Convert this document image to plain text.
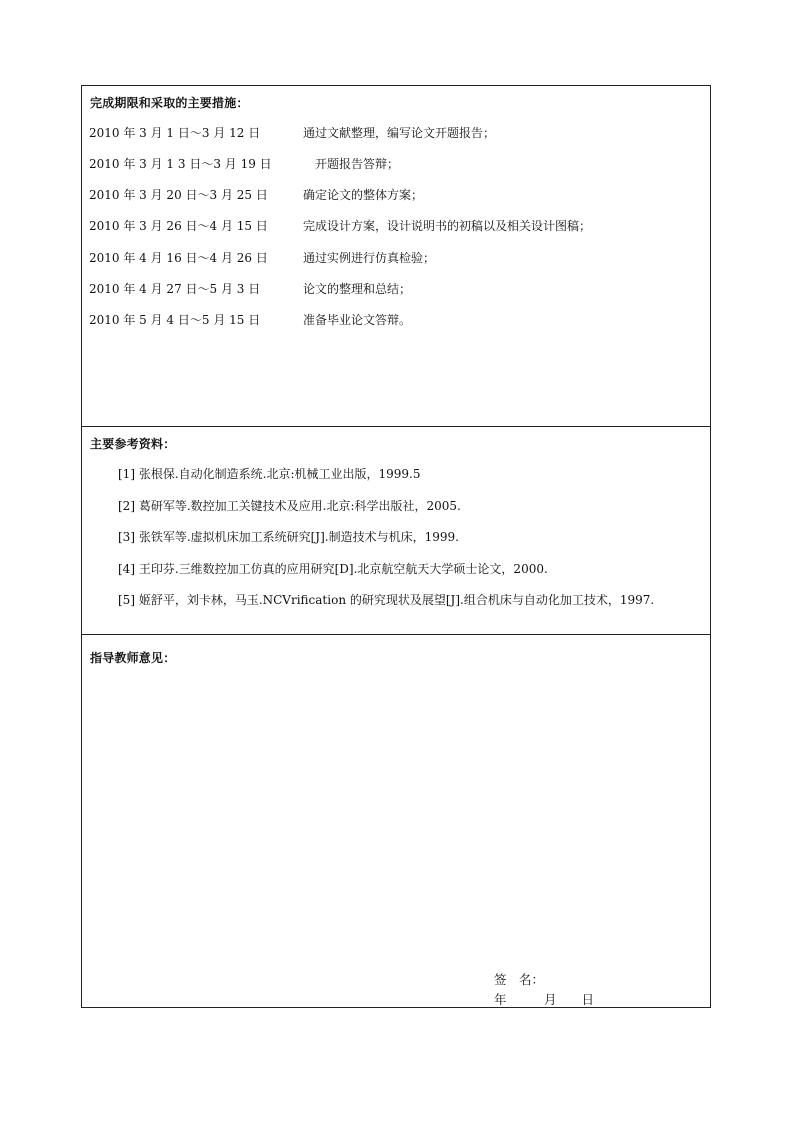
完成期限和采取的主要措施：
2010 年 3 月 1 日～3 月 12 日	通过文献整理，编写论文开题报告；
2010 年 3 月 1 3 日～3 月 19 日	开题报告答辩；
2010 年 3 月 20 日～3 月 25 日	确定论文的整体方案；
2010 年 3 月 26 日～4 月 15 日	完成设计方案，设计说明书的初稿以及相关设计图稿；
2010 年 4 月 16 日～4 月 26 日	通过实例进行仿真检验；
2010 年 4 月 27 日～5 月 3 日	论文的整理和总结；
2010 年 5 月 4 日～5 月 15 日	准备毕业论文答辩。
主要参考资料：
[1] 张根保.自动化制造系统.北京:机械工业出版，1999.5
[2] 葛研军等.数控加工关键技术及应用.北京:科学出版社，2005.
[3] 张铁军等.虚拟机床加工系统研究[J].制造技术与机床，1999.
[4] 王印芬.三维数控加工仿真的应用研究[D].北京航空航天大学硕士论文，2000.
[5] 姬舒平，刘卡林，马玉.NCVrification 的研究现状及展望[J].组合机床与自动化加工技术，1997.
指导教师意见：
签　名：
年　　　月　　日
